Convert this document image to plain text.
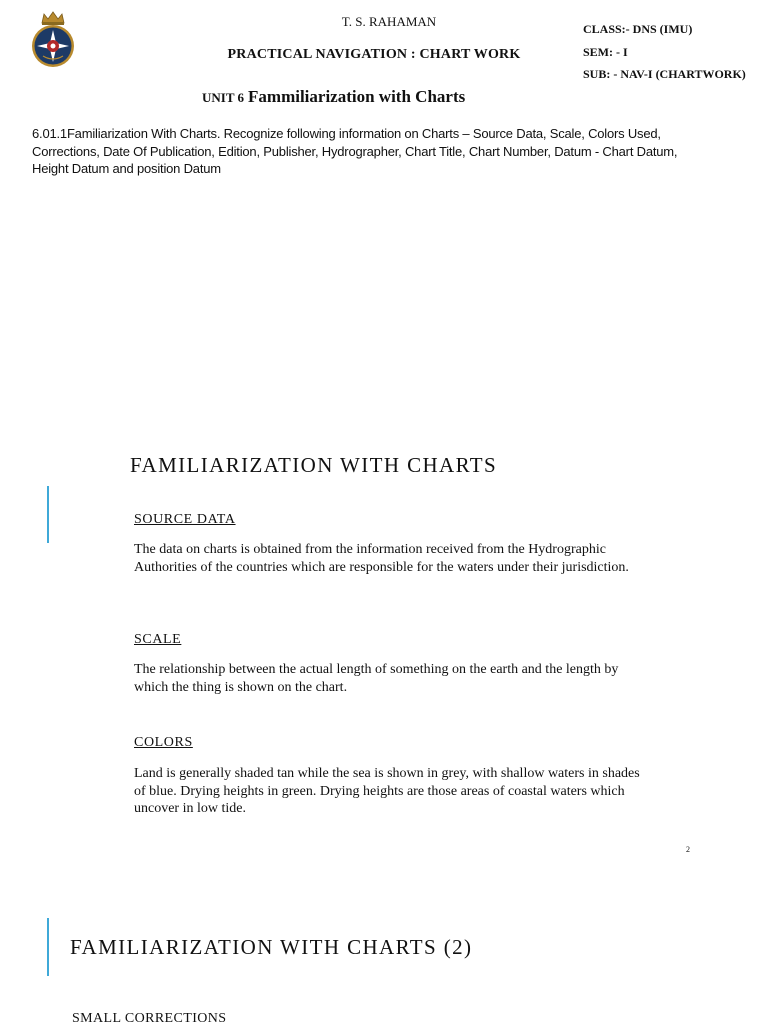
T. S. RAHAMAN
PRACTICAL NAVIGATION : CHART WORK
CLASS:- DNS (IMU)
SEM: - I
SUB: - NAV-I (CHARTWORK)
UNIT 6 Fammiliarization with Charts
6.01.1Familiarization With Charts. Recognize following information on Charts – Source Data, Scale, Colors Used, Corrections, Date Of Publication, Edition, Publisher, Hydrographer, Chart Title, Chart Number, Datum - Chart Datum, Height Datum and position Datum
FAMILIARIZATION WITH CHARTS
SOURCE DATA
The data on charts is obtained from the information received from the Hydrographic Authorities of the countries which are responsible for the waters under their jurisdiction.
SCALE
The relationship between the actual length of something on the earth and the length by which the thing is shown on the chart.
COLORS
Land is generally shaded tan while the sea is shown in grey, with shallow waters in shades of blue. Drying heights in green. Drying heights are those areas of coastal waters which uncover in low tide.
2
FAMILIARIZATION WITH CHARTS (2)
SMALL CORRECTIONS
